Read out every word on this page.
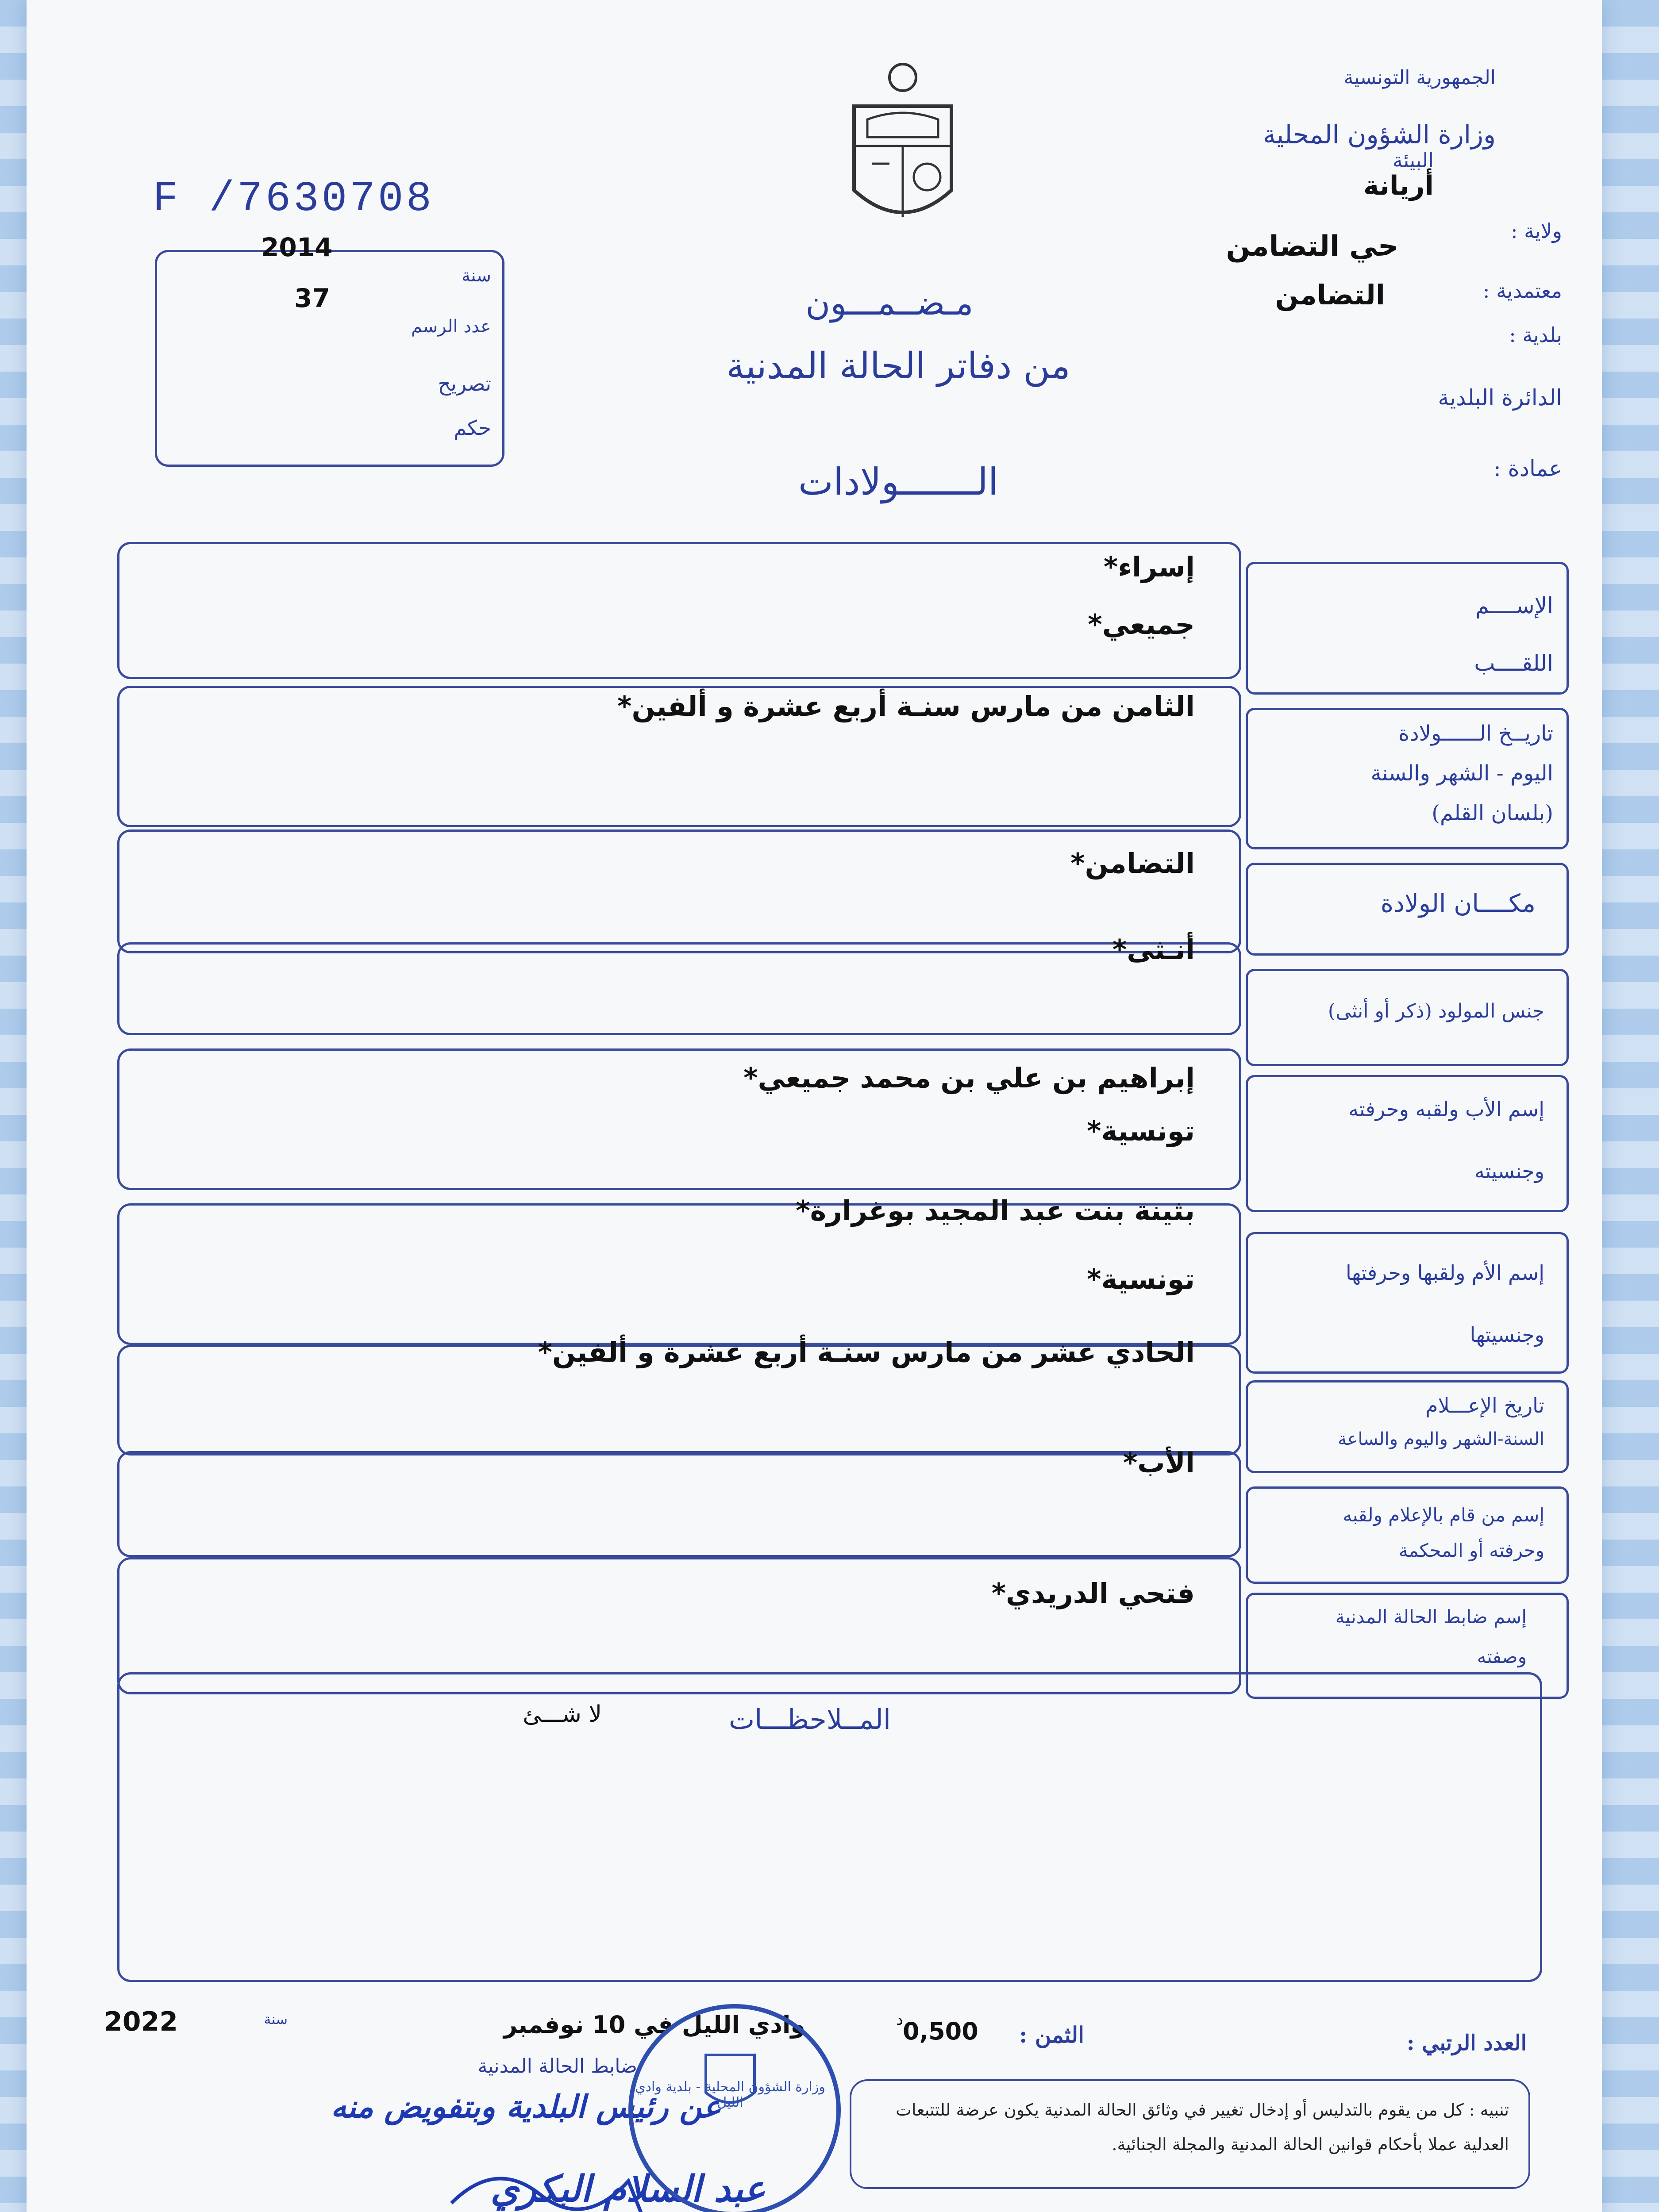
الجمهورية التونسية
وزارة الشؤون المحلية
البيئة
أريانة
ولاية :
حي التضامن
معتمدية :
التضامن
بلدية :
الدائرة البلدية
عمادة :
F /7630708
2014
سنة
37
عدد الرسم
تصريح
حكم
مـضــمـــون
من دفاتر الحالة المدنية
الـــــــولادات
الإســــم
اللقــــب
إسراء*
جميعي*
تاريــخ الــــــولادة
اليوم - الشهر والسنة
(بلسان القلم)
الثامن من مارس سنـة أربع عشرة و ألفين*
مكــــان الولادة
التضامن*
جنس المولود (ذكر أو أنثى)
أنـثى*
إسم الأب ولقبه وحرفته
وجنسيته
إبراهيم بن علي بن محمد جميعي*
تونسية*
إسم الأم ولقبها وحرفتها
وجنسيتها
بثينة بنت عبد المجيد بوغرارة*
تونسية*
تاريخ الإعـــلام
السنة-الشهر واليوم والساعة
الحادي عشر من مارس سنـة أربع عشرة و ألفين*
إسم من قام بالإعلام ولقبه
وحرفته أو المحكمة
الأب*
إسم ضابط الحالة المدنية
وصفته
فتحي الدريدي*
المــلاحظـــات
لا شـــئ
العدد الرتبي :
الثمن :
0,500
د
وادي الليل في 10 نوفمبر
سنة
2022
ضابط الحالة المدنية
عن رئيس البلدية وبتفويض منه
عبد السلام البكري
وزارة الشؤون المحلية - بلدية وادي الليل	تنبيه : كل من يقوم بالتدليس أو إدخال تغيير في وثائق الحالة المدنية يكون عرضة للتتبعات العدلية عملا بأحكام قوانين الحالة المدنية والمجلة الجنائية.
